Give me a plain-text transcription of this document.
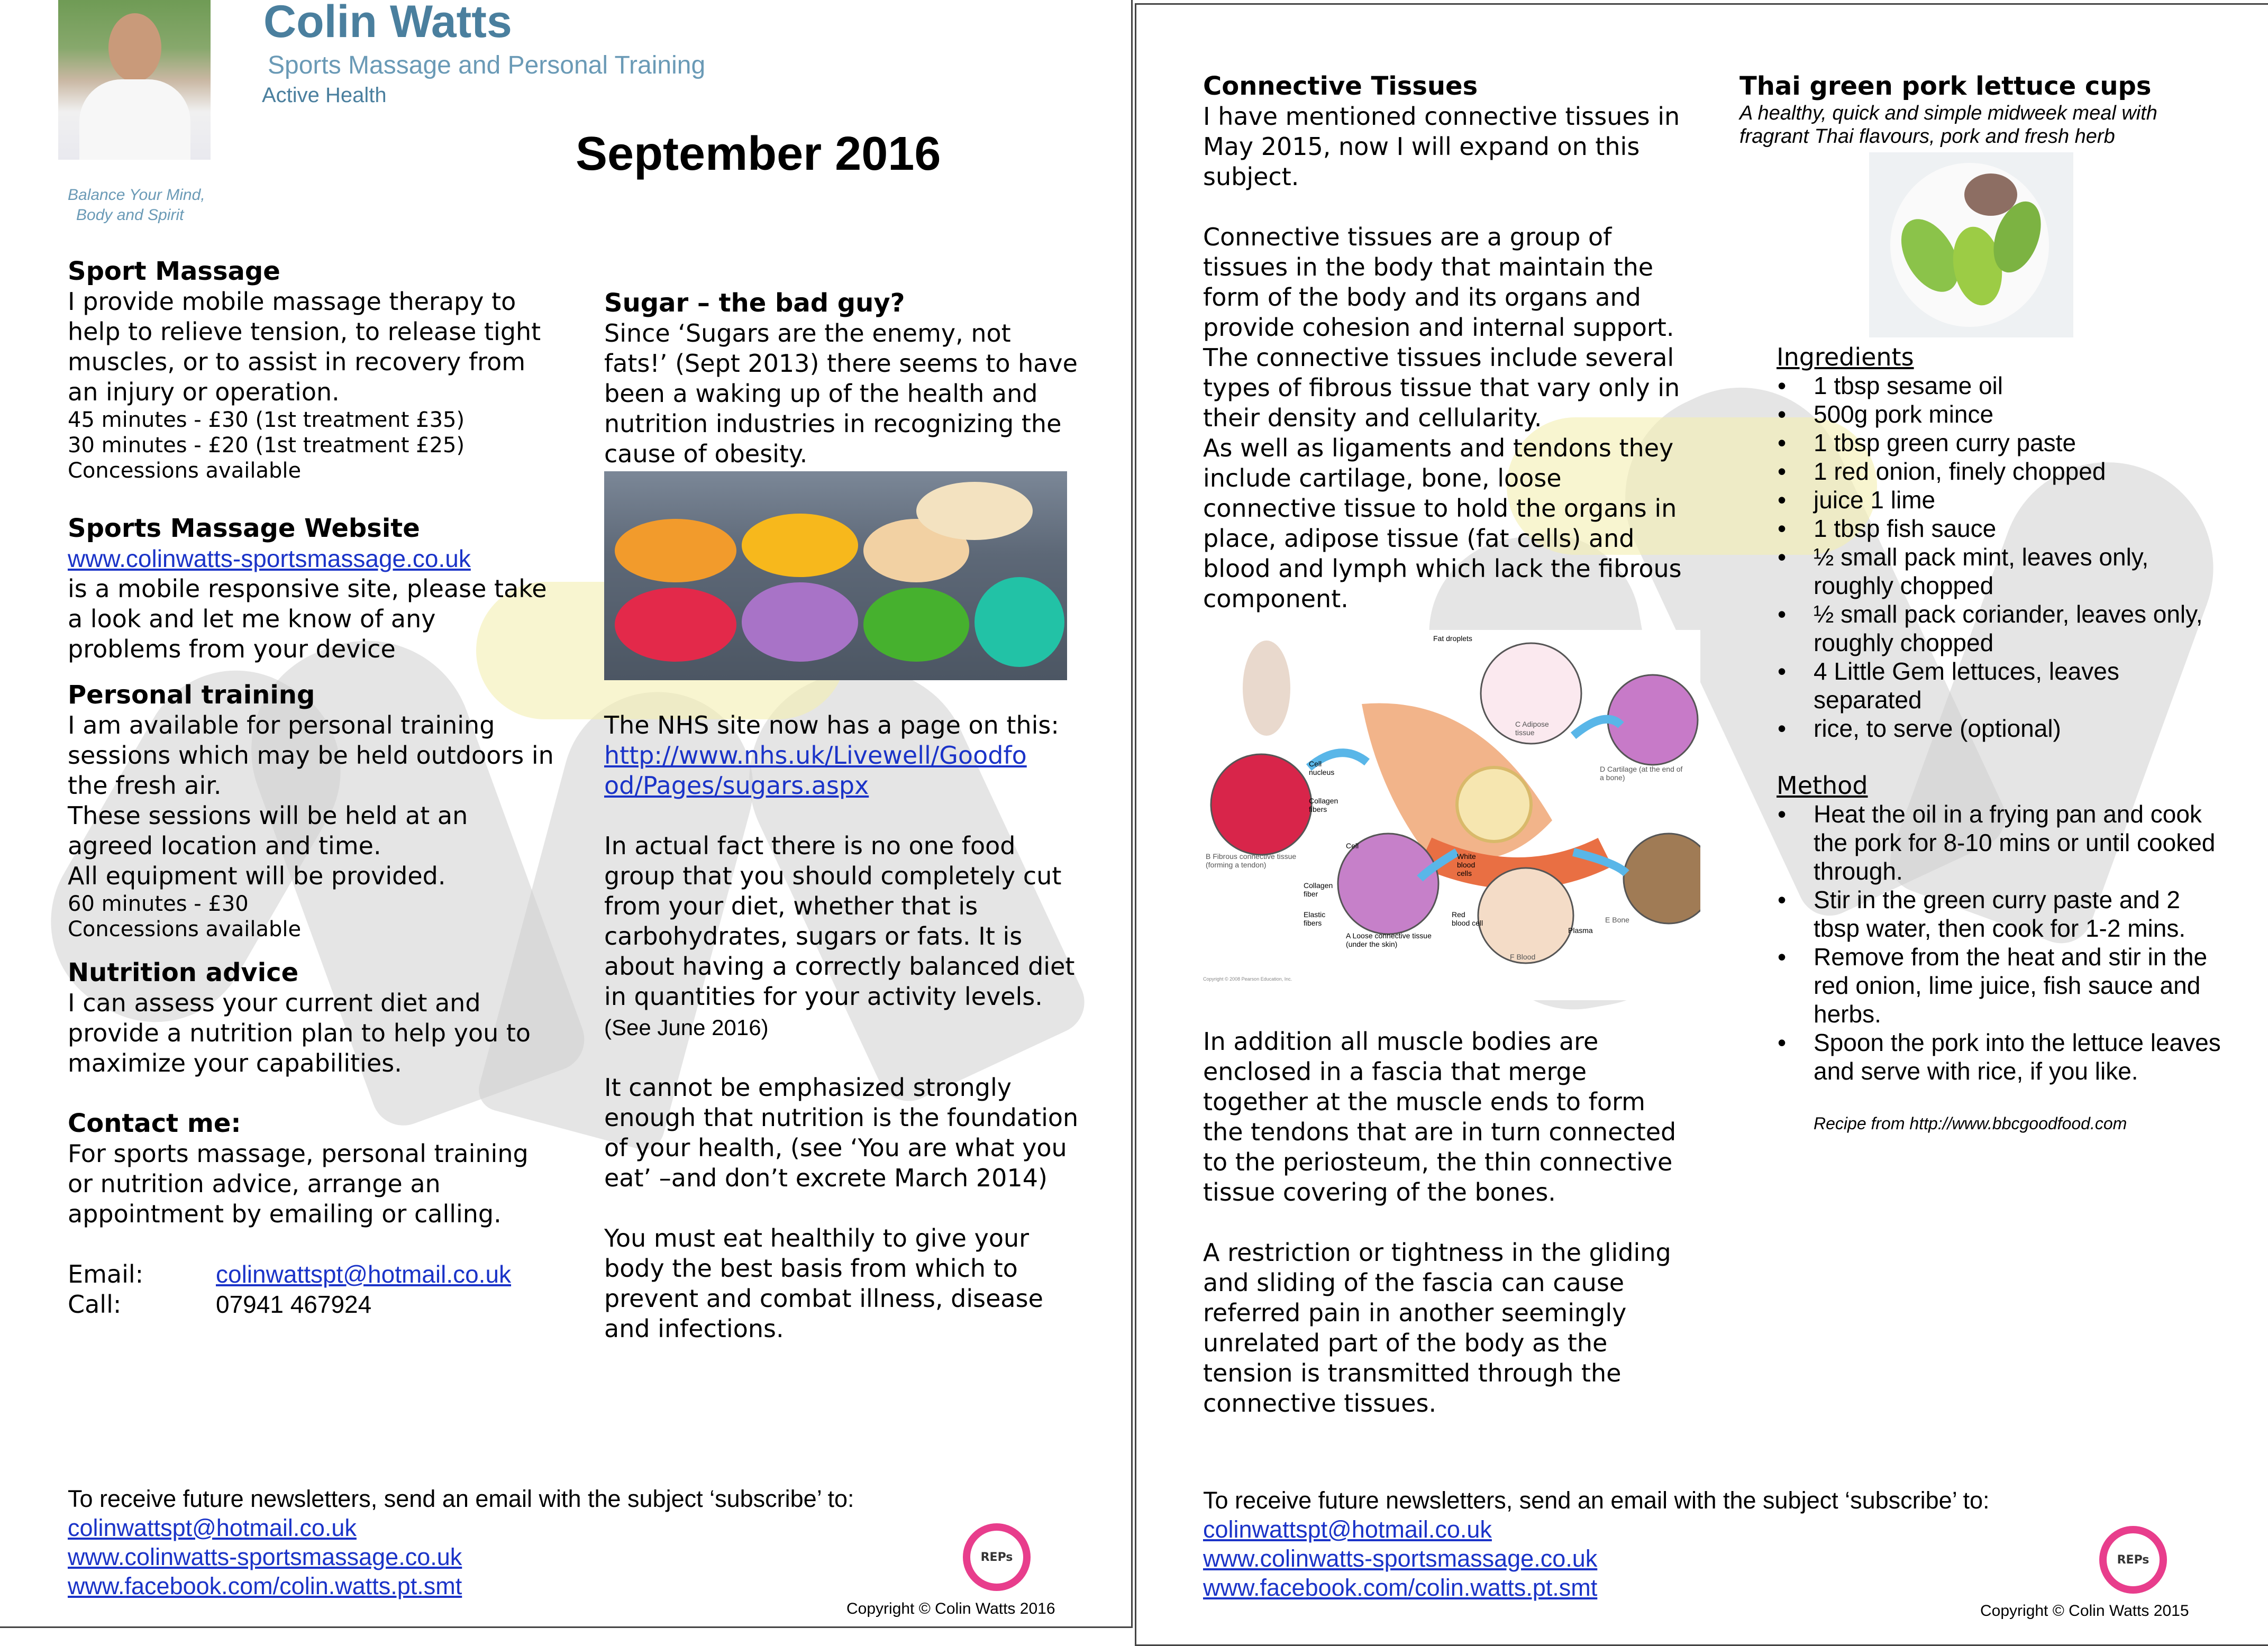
Colin Watts
Sports Massage and Personal Training
Active Health
Balance Your Mind,
Body and Spirit
September 2016
Sport Massage
I provide mobile massage therapy to help to relieve tension, to release tight muscles, or to assist in recovery from an injury or operation.
45 minutes - £30 (1st treatment £35)
30 minutes - £20 (1st treatment £25)
Concessions available
Sports Massage Website
www.colinwatts-sportsmassage.co.uk
is a mobile responsive site, please take a look and let me know of any problems from your device
Personal training
I am available for personal training sessions which may be held outdoors in the fresh air.
These sessions will be held at an agreed location and time.
All equipment will be provided.
60 minutes - £30
Concessions available
Nutrition advice
I can assess your current diet and provide a nutrition plan to help you to maximize your capabilities.
Contact me:
For sports massage, personal training or nutrition advice, arrange an appointment by emailing or calling.
Email:	colinwattspt@hotmail.co.uk
Call:	07941 467924
Sugar – the bad guy?
Since ‘Sugars are the enemy, not fats!’ (Sept 2013) there seems to have been a waking up of the health and nutrition industries in recognizing the cause of obesity.
The NHS site now has a page on this:
http://www.nhs.uk/Livewell/Goodfo
od/Pages/sugars.aspx
In actual fact there is no one food group that you should completely cut from your diet, whether that is carbohydrates, sugars or fats. It is about having a correctly balanced diet in quantities for your activity levels. (See June 2016)
It cannot be emphasized strongly enough that nutrition is the foundation of your health, (see ‘You are what you eat’ –and don’t excrete March 2014)
You must eat healthily to give your body the best basis from which to prevent and combat illness, disease and infections.
To receive future newsletters, send an email with the subject ‘subscribe’ to:
colinwattspt@hotmail.co.uk
www.colinwatts-sportsmassage.co.uk
www.facebook.com/colin.watts.pt.smt
REPs
Copyright © Colin Watts 2016
Connective Tissues
I have mentioned connective tissues in May 2015, now I will expand on this subject.
Connective tissues are a group of tissues in the body that maintain the form of the body and its organs and provide cohesion and internal support. The connective tissues include several types of fibrous tissue that vary only in their density and cellularity.
As well as ligaments and tendons they include cartilage, bone, loose connective tissue to hold the organs in place, adipose tissue (fat cells) and blood and lymph which lack the fibrous component.
Fat droplets
C Adipose tissue
D Cartilage (at the end of a bone)
Cell nucleus
Collagen fibers
B Fibrous connective tissue (forming a tendon)
Cell
Collagen fiber
Elastic fibers
White blood cells
Red blood cell
Plasma
F Blood
E Bone
A Loose connective tissue (under the skin)
Copyright © 2008 Pearson Education, Inc.
In addition all muscle bodies are enclosed in a fascia that merge together at the muscle ends to form the tendons that are in turn connected to the periosteum, the thin connective tissue covering of the bones.
A restriction or tightness in the gliding and sliding of the fascia can cause referred pain in another seemingly unrelated part of the body as the tension is transmitted through the connective tissues.
Thai green pork lettuce cups
A healthy, quick and simple midweek meal with fragrant Thai flavours, pork and fresh herb
Ingredients
• 1 tbsp sesame oil
• 500g pork mince
• 1 tbsp green curry paste
• 1 red onion, finely chopped
• juice 1 lime
• 1 tbsp fish sauce
• ½ small pack mint, leaves only, roughly chopped
• ½ small pack coriander, leaves only, roughly chopped
• 4 Little Gem lettuces, leaves separated
• rice, to serve (optional)
Method
• Heat the oil in a frying pan and cook the pork for 8-10 mins or until cooked through.
• Stir in the green curry paste and 2 tbsp water, then cook for 1-2 mins.
• Remove from the heat and stir in the red onion, lime juice, fish sauce and herbs.
• Spoon the pork into the lettuce leaves and serve with rice, if you like.
Recipe from http://www.bbcgoodfood.com
To receive future newsletters, send an email with the subject ‘subscribe’ to:
colinwattspt@hotmail.co.uk
www.colinwatts-sportsmassage.co.uk
www.facebook.com/colin.watts.pt.smt
REPs
Copyright © Colin Watts 2015
